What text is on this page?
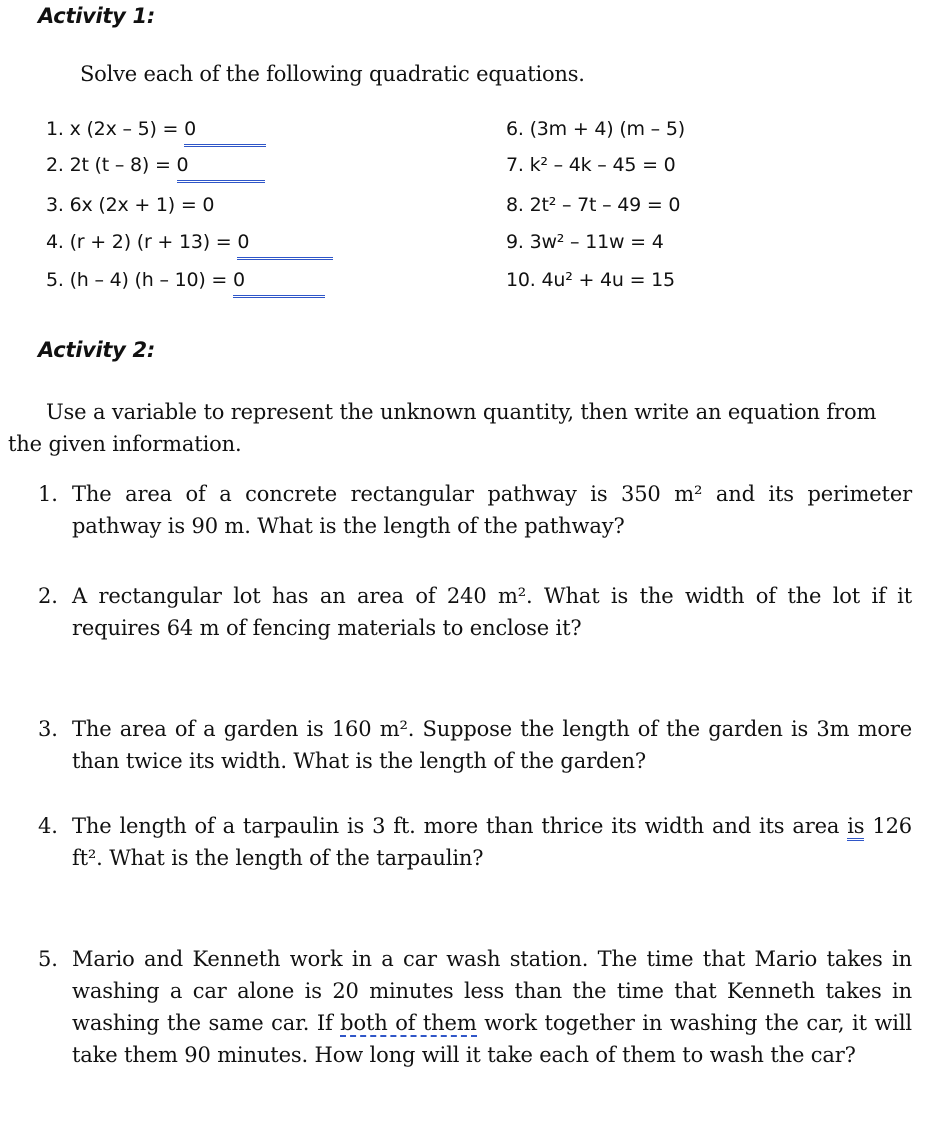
Activity 1:
Solve each of the following quadratic equations.
1. x (2x – 5) = 0
2. 2t (t – 8) = 0
3. 6x (2x + 1) = 0
4. (r + 2) (r + 13) = 0
5. (h – 4) (h – 10) = 0
6. (3m + 4) (m – 5)
7. k² – 4k – 45 = 0
8. 2t² – 7t – 49 = 0
9. 3w² – 11w = 4
10. 4u² + 4u = 15
Activity 2:
Use a variable to represent the unknown quantity, then write an equation from the given information.
1. The area of a concrete rectangular pathway is 350 m² and its perimeter pathway is 90 m. What is the length of the pathway?
2. A rectangular lot has an area of 240 m². What is the width of the lot if it requires 64 m of fencing materials to enclose it?
3. The area of a garden is 160 m². Suppose the length of the garden is 3m more than twice its width. What is the length of the garden?
4. The length of a tarpaulin is 3 ft. more than thrice its width and its area is 126 ft². What is the length of the tarpaulin?
5. Mario and Kenneth work in a car wash station. The time that Mario takes in washing a car alone is 20 minutes less than the time that Kenneth takes in washing the same car. If both of them work together in washing the car, it will take them 90 minutes. How long will it take each of them to wash the car?
